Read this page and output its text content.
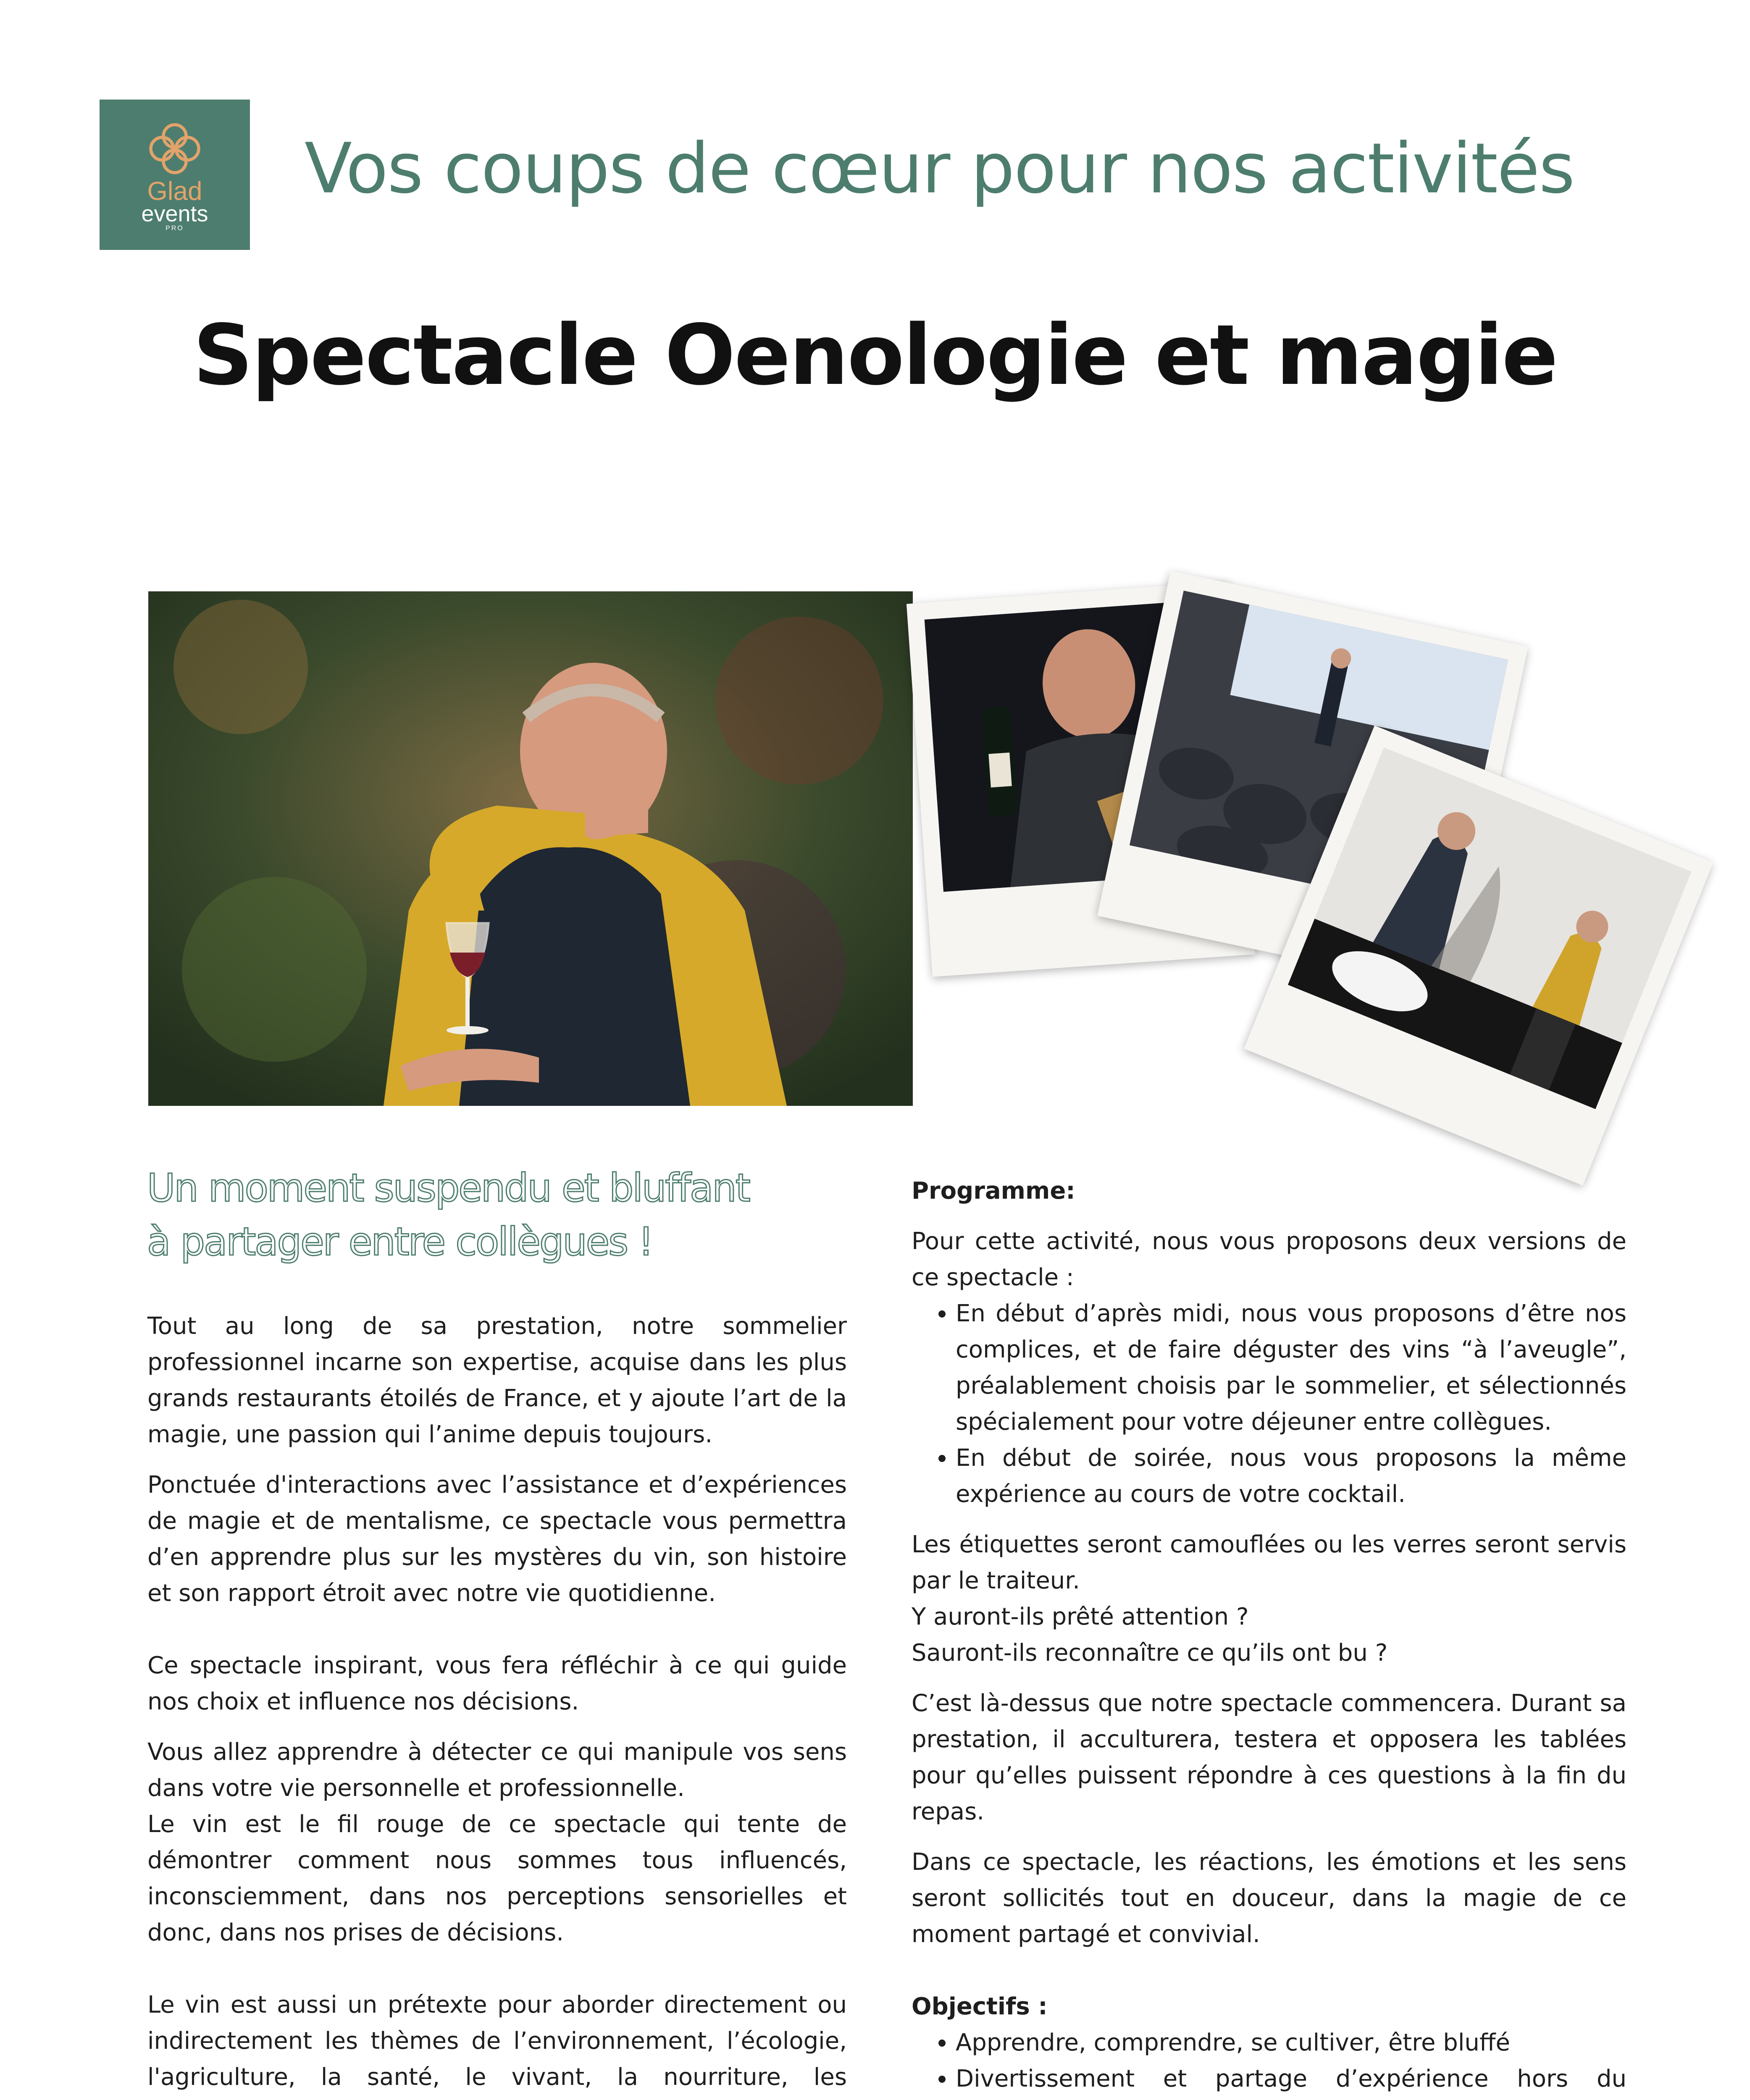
Glad
events
PRO
Vos coups de cœur pour nos activités
Spectacle Oenologie et magie
Un moment suspendu et bluffant
à partager entre collègues !

Tout au long de sa prestation, notre sommelier professionnel incarne son expertise, acquise dans les plus grands restaurants étoilés de France, et y ajoute l’art de la magie, une passion qui l’anime depuis toujours.

Ponctuée d'interactions avec l’assistance et d’expériences de magie et de mentalisme, ce spectacle vous permettra d’en apprendre plus sur les mystères du vin, son histoire et son rapport étroit avec notre vie quotidienne.

Ce spectacle inspirant, vous fera réfléchir à ce qui guide nos choix et influence nos décisions.

Vous allez apprendre à détecter ce qui manipule vos sens dans votre vie personnelle et professionnelle.

Le vin est le fil rouge de ce spectacle qui tente de démontrer comment nous sommes tous influencés, inconsciemment, dans nos perceptions sensorielles et donc, dans nos prises de décisions.

Le vin est aussi un prétexte pour aborder directement ou indirectement les thèmes de l’environnement, l’écologie, l'agriculture, la santé, le vivant, la nourriture, les

Programme:

Pour cette activité, nous vous proposons deux versions de ce spectacle :

• En début d’après midi, nous vous proposons d’être nos complices, et de faire déguster des vins “à l’aveugle”, préalablement choisis par le sommelier, et sélectionnés spécialement pour votre déjeuner entre collègues.
• En début de soirée, nous vous proposons la même expérience au cours de votre cocktail.

Les étiquettes seront camouflées ou les verres seront servis par le traiteur.
Y auront-ils prêté attention ?
Sauront-ils reconnaître ce qu’ils ont bu ?

C’est là-dessus que notre spectacle commencera. Durant sa prestation, il acculturera, testera et opposera les tablées pour qu’elles puissent répondre à ces questions à la fin du repas.

Dans ce spectacle, les réactions, les émotions et les sens seront sollicités tout en douceur, dans la magie de ce moment partagé et convivial.

Objectifs :
• Apprendre, comprendre, se cultiver, être bluffé
• Divertissement et partage d’expérience hors du
